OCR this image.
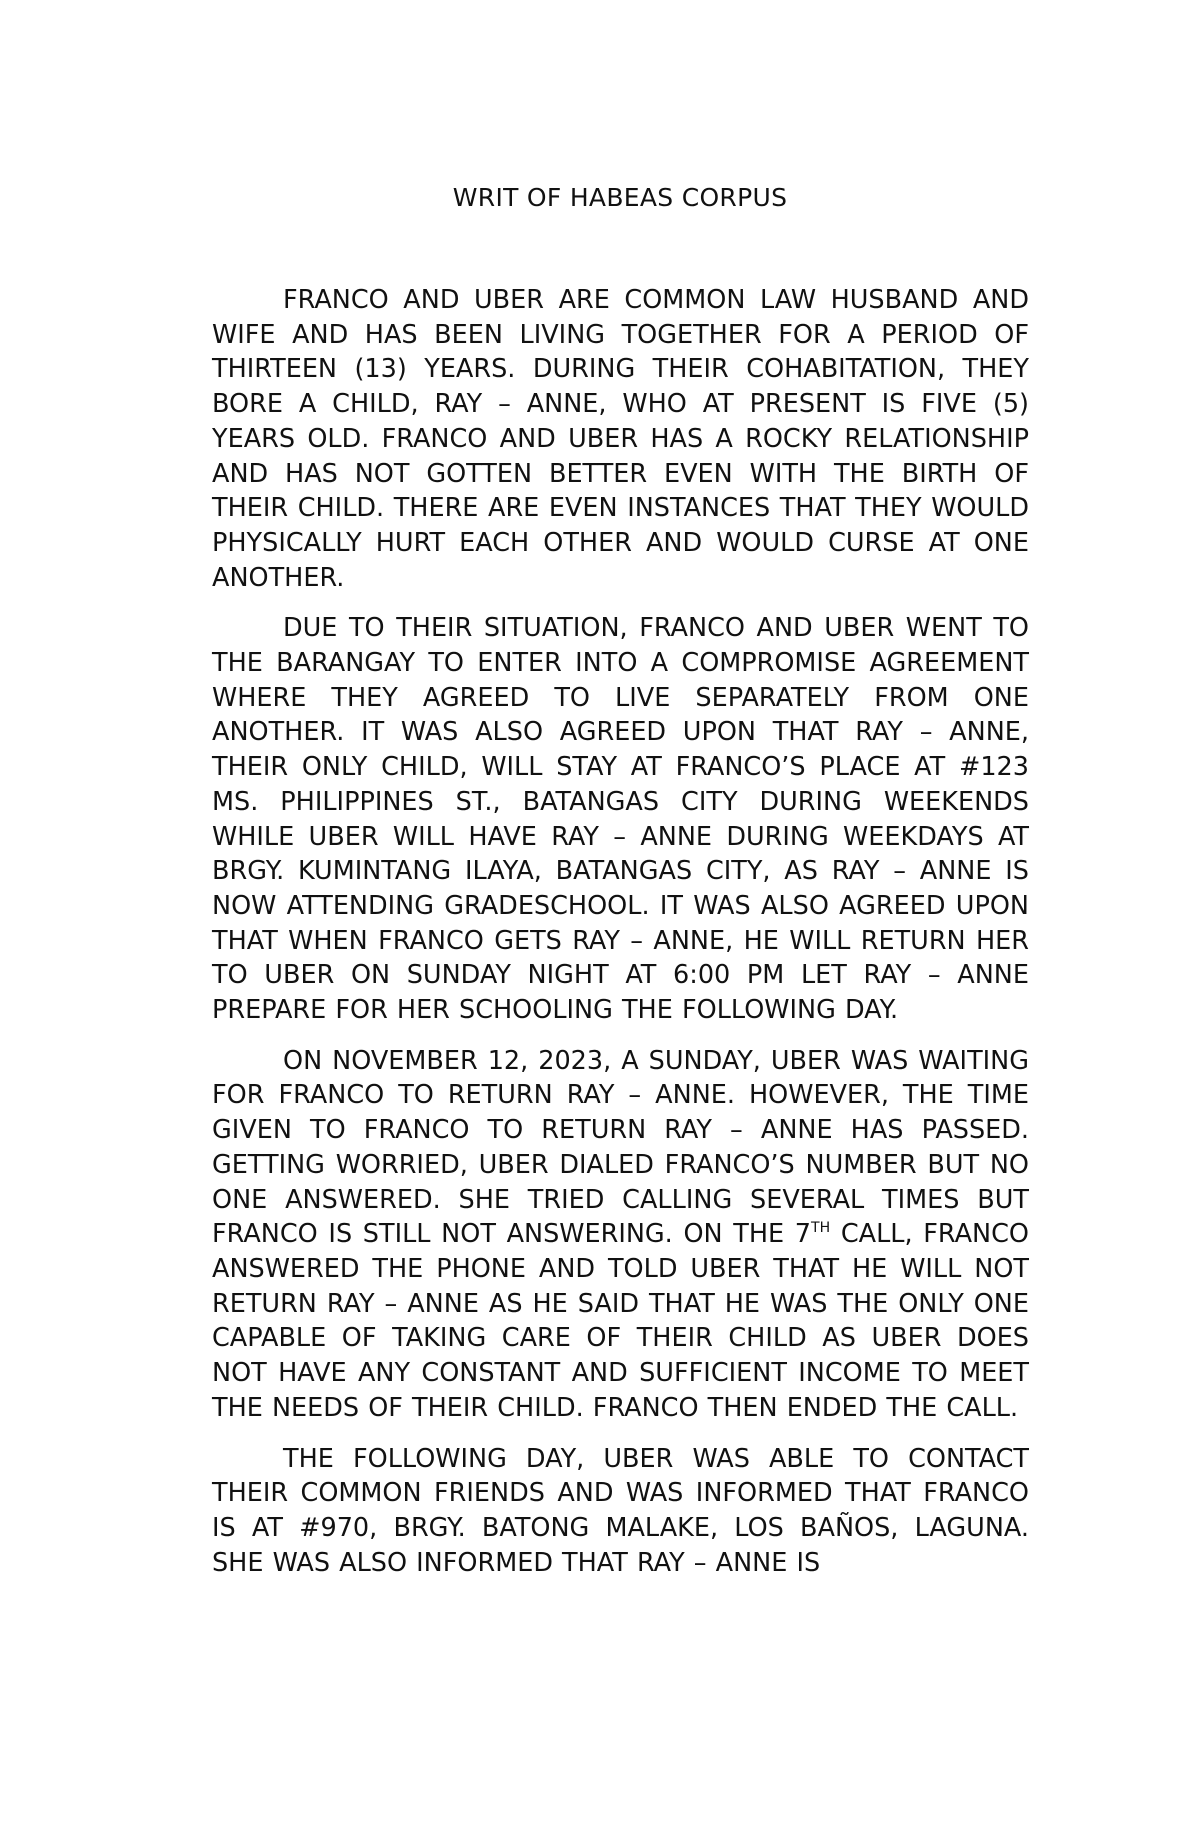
WRIT OF HABEAS CORPUS

FRANCO AND UBER ARE COMMON LAW HUSBAND AND WIFE AND HAS BEEN LIVING TOGETHER FOR A PERIOD OF THIRTEEN (13) YEARS. DURING THEIR COHABITATION, THEY BORE A CHILD, RAY – ANNE, WHO AT PRESENT IS FIVE (5) YEARS OLD. FRANCO AND UBER HAS A ROCKY RELATIONSHIP AND HAS NOT GOTTEN BETTER EVEN WITH THE BIRTH OF THEIR CHILD. THERE ARE EVEN INSTANCES THAT THEY WOULD PHYSICALLY HURT EACH OTHER AND WOULD CURSE AT ONE ANOTHER.

DUE TO THEIR SITUATION, FRANCO AND UBER WENT TO THE BARANGAY TO ENTER INTO A COMPROMISE AGREEMENT WHERE THEY AGREED TO LIVE SEPARATELY FROM ONE ANOTHER. IT WAS ALSO AGREED UPON THAT RAY – ANNE, THEIR ONLY CHILD, WILL STAY AT FRANCO’S PLACE AT #123 MS. PHILIPPINES ST., BATANGAS CITY DURING WEEKENDS WHILE UBER WILL HAVE RAY – ANNE DURING WEEKDAYS AT BRGY. KUMINTANG ILAYA, BATANGAS CITY, AS RAY – ANNE IS NOW ATTENDING GRADESCHOOL. IT WAS ALSO AGREED UPON THAT WHEN FRANCO GETS RAY – ANNE, HE WILL RETURN HER TO UBER ON SUNDAY NIGHT AT 6:00 PM LET RAY – ANNE PREPARE FOR HER SCHOOLING THE FOLLOWING DAY.

ON NOVEMBER 12, 2023, A SUNDAY, UBER WAS WAITING FOR FRANCO TO RETURN RAY – ANNE. HOWEVER, THE TIME GIVEN TO FRANCO TO RETURN RAY – ANNE HAS PASSED. GETTING WORRIED, UBER DIALED FRANCO’S NUMBER BUT NO ONE ANSWERED. SHE TRIED CALLING SEVERAL TIMES BUT FRANCO IS STILL NOT ANSWERING. ON THE 7TH CALL, FRANCO ANSWERED THE PHONE AND TOLD UBER THAT HE WILL NOT RETURN RAY – ANNE AS HE SAID THAT HE WAS THE ONLY ONE CAPABLE OF TAKING CARE OF THEIR CHILD AS UBER DOES NOT HAVE ANY CONSTANT AND SUFFICIENT INCOME TO MEET THE NEEDS OF THEIR CHILD. FRANCO THEN ENDED THE CALL.

THE FOLLOWING DAY, UBER WAS ABLE TO CONTACT THEIR COMMON FRIENDS AND WAS INFORMED THAT FRANCO IS AT #970, BRGY. BATONG MALAKE, LOS BAÑOS, LAGUNA. SHE WAS ALSO INFORMED THAT RAY – ANNE IS
